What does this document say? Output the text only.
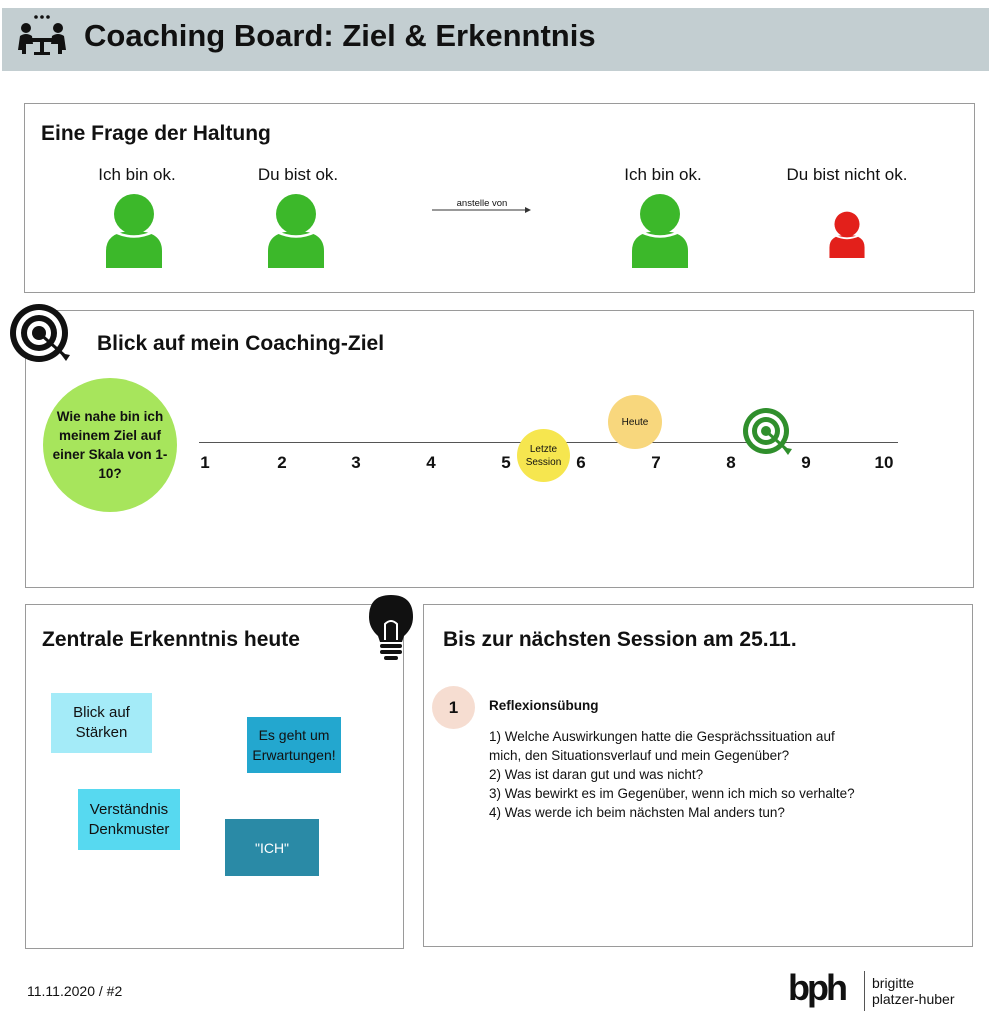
Coaching Board: Ziel & Erkenntnis
Eine Frage der Haltung
Ich bin ok.	Du bist ok.	Ich bin ok.	Du bist nicht ok.
anstelle von
Blick auf mein Coaching-Ziel
Wie nahe bin ich meinem Ziel auf einer Skala von 1-10?
1	2	3	4	5	6	7	8	9	10
Letzte Session
Heute
Zentrale Erkenntnis heute
Blick auf Stärken	Es geht um Erwartungen!
Verständnis Denkmuster
"ICH"
Bis zur nächsten Session am 25.11.
1 Reflexionsübung
1) Welche Auswirkungen hatte die Gesprächssituation auf
mich, den Situationsverlauf und mein Gegenüber?
2) Was ist daran gut und was nicht?
3) Was bewirkt es im Gegenüber, wenn ich mich so verhalte?
4) Was werde ich beim nächsten Mal anders tun?
11.11.2020 / #2	bph brigitte
platzer-huber
